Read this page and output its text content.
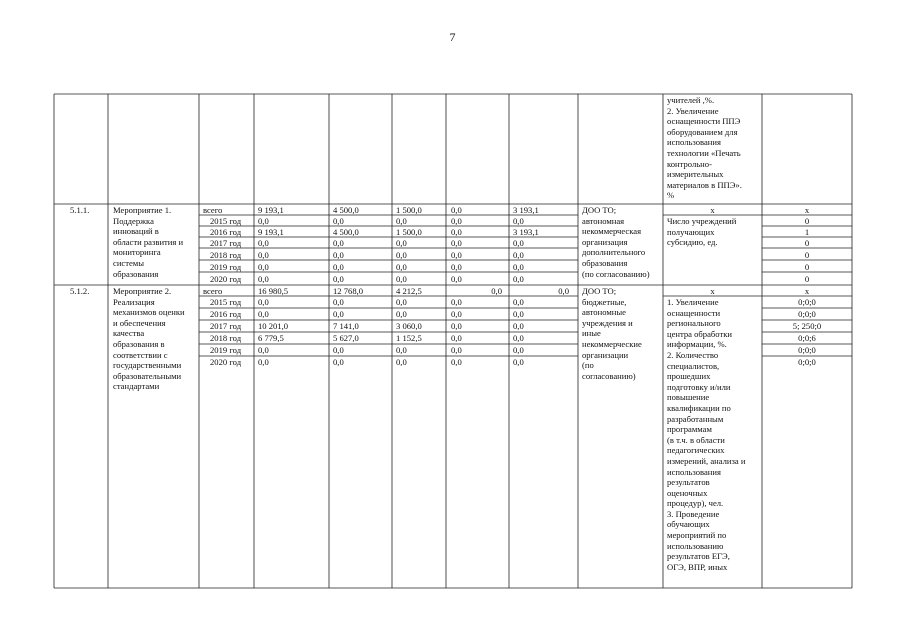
7
учителей ,%.
2. Увеличение
оснащенности ППЭ
оборудованием для
использования
технологии «Печать
контрольно-
измерительных
материалов в ППЭ».
%
5.1.1.	Мероприятие 1.
Поддержка
инноваций в
области развития и
мониторинга
системы
образования
всего
2015 год
2016 год
2017 год
2018 год
2019 год
2020 год
9 193,1
0,0
9 193,1
0,0
0,0
0,0
0,0
4 500,0
0,0
4 500,0
0,0
0,0
0,0
0,0
1 500,0
0,0
1 500,0
0,0
0,0
0,0
0,0
0,0
0,0
0,0
0,0
0,0
0,0
0,0
3 193,1
0,0
3 193,1
0,0
0,0
0,0
0,0
ДОО ТО;
автономная
некоммерческая
организация
дополнительного
образования
(по согласованию)
х
Число учреждений
получающих
субсидию, ед.
х
0
1
0
0
0
0
5.1.2.	Мероприятие 2.
Реализация
механизмов оценки
и обеспечения
качества
образования в
соответствии с
государственными
образовательными
стандартами
всего
2015 год
2016 год
2017 год
2018 год
2019 год
2020 год
16 980,5
0,0
0,0
10 201,0
6 779,5
0,0
0,0
12 768,0
0,0
0,0
7 141,0
5 627,0
0,0
0,0
4 212,5
0,0
0,0
3 060,0
1 152,5
0,0
0,0
0,0
0,0
0,0
0,0
0,0
0,0
0,0
0,0
0,0
0,0
0,0
0,0
0,0
0,0
ДОО ТО;
бюджетные,
автономные
учреждения и
иные
некоммерческие
организации
(по
согласованию)
х
1. Увеличение
оснащенности
регионального
центра обработки
информации, %.
2. Количество
специалистов,
прошедших
подготовку и/или
повышение
квалификации по
разработанным
программам
(в т.ч. в области
педагогических
измерений, анализа и
использования
результатов
оценочных
процедур), чел.
3. Проведение
обучающих
мероприятий по
использованию
результатов ЕГЭ,
ОГЭ, ВПР, иных
х
0;0;0
0;0;0
5; 250;0
0;0;6
0;0;0
0;0;0
